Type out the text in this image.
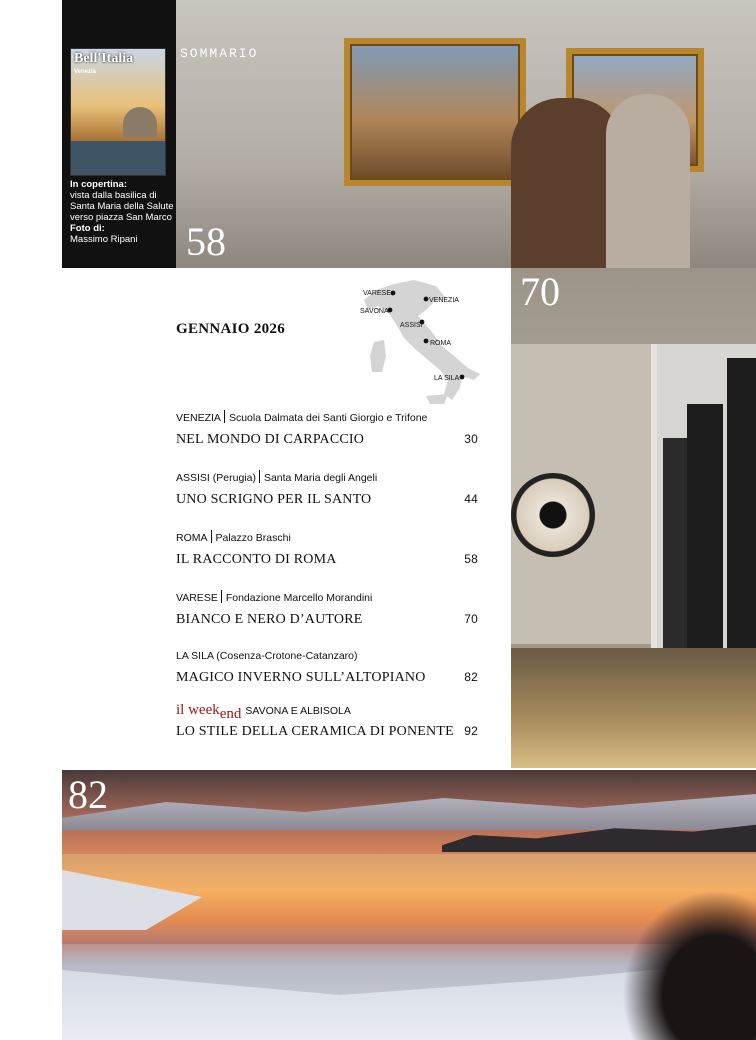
Bell'Italia
Venezia
In copertina:
vista dalla basilica di Santa Maria della Salute verso piazza San Marco
Foto di:
Massimo Ripani
SOMMARIO
58
70
VARESE
VENEZIA
SAVONA
ASSISI
ROMA
LA SILA
GENNAIO 2026
VENEZIA Scuola Dalmata dei Santi Giorgio e Trifone
NEL MONDO DI CARPACCIO	30
ASSISI (Perugia) Santa Maria degli Angeli
UNO SCRIGNO PER IL SANTO	44
ROMA Palazzo Braschi
IL RACCONTO DI ROMA	58
VARESE Fondazione Marcello Morandini
BIANCO E NERO D’AUTORE	70
LA SILA (Cosenza-Crotone-Catanzaro)
MAGICO INVERNO SULL’ALTOPIANO	82
il weekend SAVONA E ALBISOLA
LO STILE DELLA CERAMICA DI PONENTE 92
82
